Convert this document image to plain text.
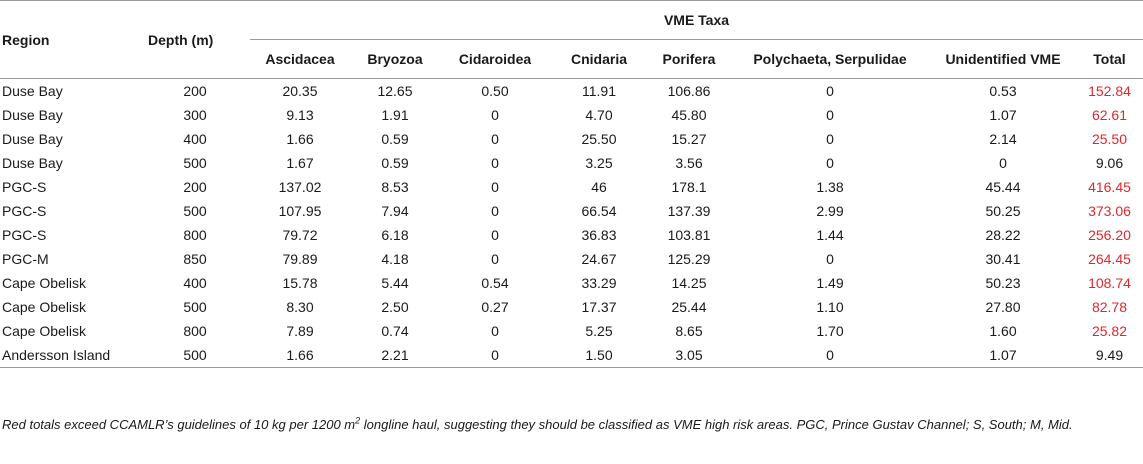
Region	Depth (m)	VME Taxa							
		Ascidacea	Bryozoa	Cidaroidea	Cnidaria	Porifera	Polychaeta, Serpulidae	Unidentified VME	Total
Duse Bay	200	20.35	12.65	0.50	11.91	106.86	0	0.53	152.84
Duse Bay	300	9.13	1.91	0	4.70	45.80	0	1.07	62.61
Duse Bay	400	1.66	0.59	0	25.50	15.27	0	2.14	25.50
Duse Bay	500	1.67	0.59	0	3.25	3.56	0	0	9.06
PGC-S	200	137.02	8.53	0	46	178.1	1.38	45.44	416.45
PGC-S	500	107.95	7.94	0	66.54	137.39	2.99	50.25	373.06
PGC-S	800	79.72	6.18	0	36.83	103.81	1.44	28.22	256.20
PGC-M	850	79.89	4.18	0	24.67	125.29	0	30.41	264.45
Cape Obelisk	400	15.78	5.44	0.54	33.29	14.25	1.49	50.23	108.74
Cape Obelisk	500	8.30	2.50	0.27	17.37	25.44	1.10	27.80	82.78
Cape Obelisk	800	7.89	0.74	0	5.25	8.65	1.70	1.60	25.82
Andersson Island	500	1.66	2.21	0	1.50	3.05	0	1.07	9.49
Red totals exceed CCAMLR’s guidelines of 10 kg per 1200 $m^2$ longline haul, suggesting they should be classified as VME high risk areas. PGC, Prince Gustav Channel; S, South; M, Mid.
